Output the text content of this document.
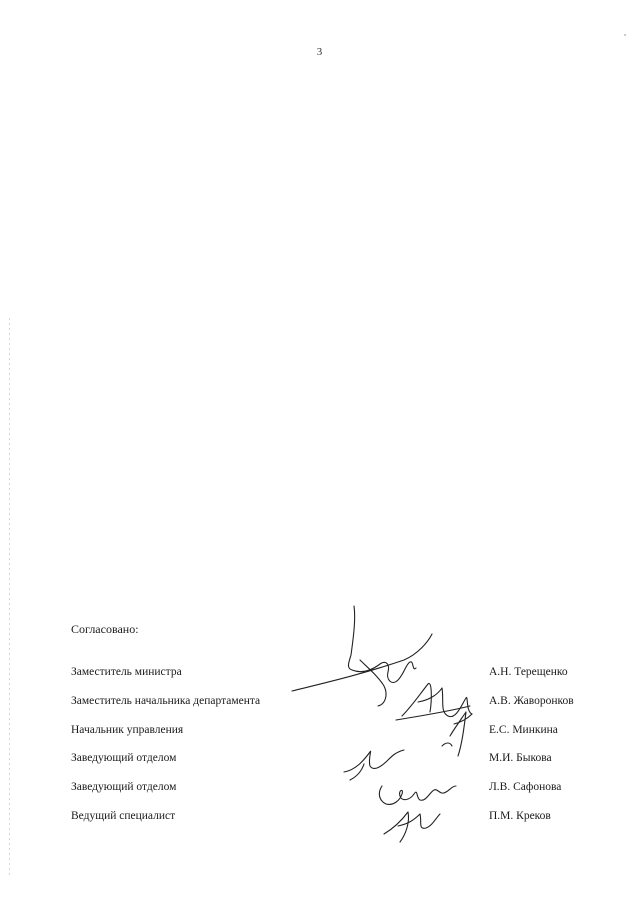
3
Согласовано:
Заместитель министра	А.Н. Терещенко
Заместитель начальника департамента	А.В. Жаворонков
Начальник управления	Е.С. Минкина
Заведующий отделом	М.И. Быкова
Заведующий отделом	Л.В. Сафонова
Ведущий специалист	П.М. Креков
